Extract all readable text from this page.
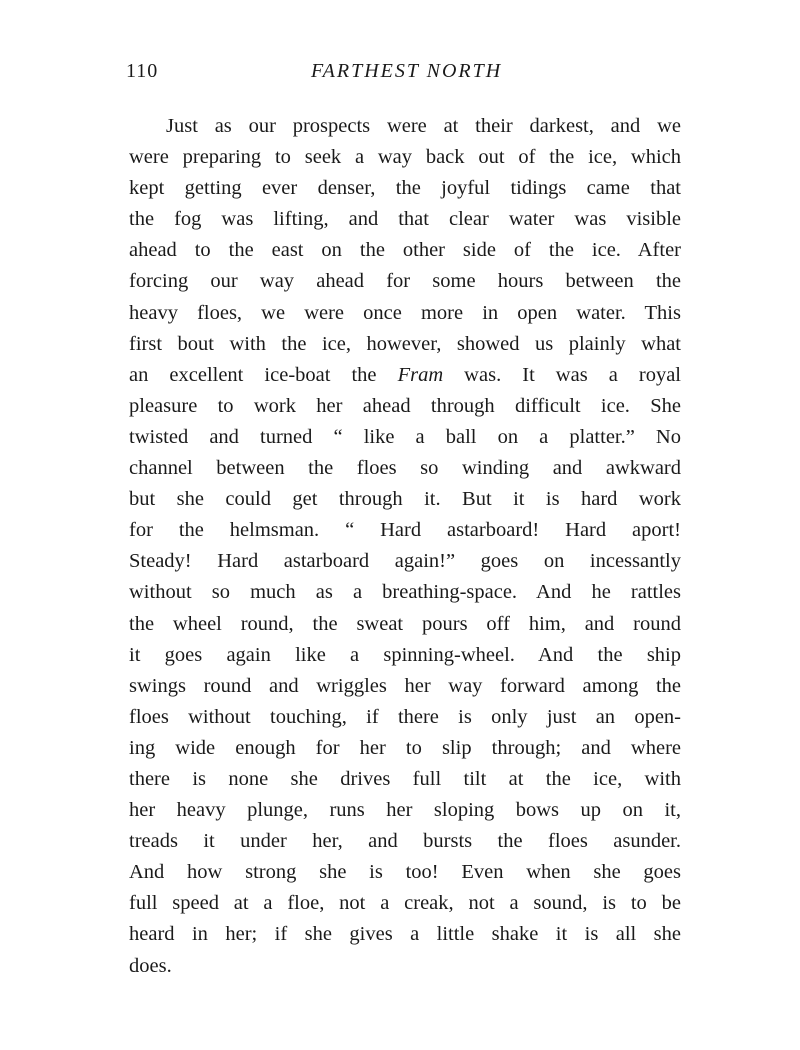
110	FARTHEST NORTH
Just as our prospects were at their darkest, and we
were preparing to seek a way back out of the ice, which
kept getting ever denser, the joyful tidings came that
the fog was lifting, and that clear water was visible
ahead to the east on the other side of the ice. After
forcing our way ahead for some hours between the
heavy floes, we were once more in open water. This
first bout with the ice, however, showed us plainly what
an excellent ice-boat the Fram was. It was a royal
pleasure to work her ahead through difficult ice. She
twisted and turned “ like a ball on a platter.” No
channel between the floes so winding and awkward
but she could get through it. But it is hard work
for the helmsman. “ Hard astarboard! Hard aport!
Steady! Hard astarboard again!” goes on incessantly
without so much as a breathing-space. And he rattles
the wheel round, the sweat pours off him, and round
it goes again like a spinning-wheel. And the ship
swings round and wriggles her way forward among the
floes without touching, if there is only just an open-
ing wide enough for her to slip through; and where
there is none she drives full tilt at the ice, with
her heavy plunge, runs her sloping bows up on it,
treads it under her, and bursts the floes asunder.
And how strong she is too! Even when she goes
full speed at a floe, not a creak, not a sound, is to be
heard in her; if she gives a little shake it is all she
does.
